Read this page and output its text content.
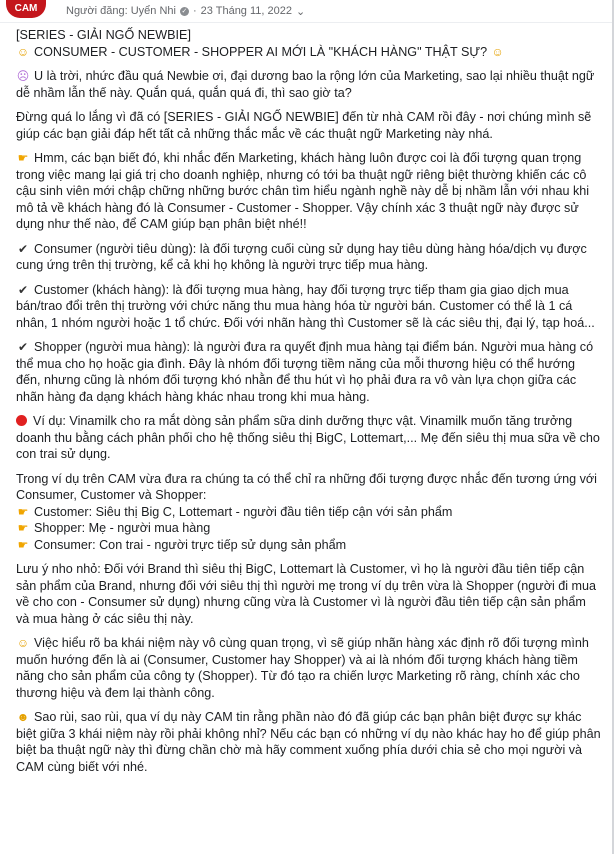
CAM	Người đăng: Uyển Nhi ✓ · 23 Tháng 11, 2022 ⌄

[SERIES - GIẢI NGỐ NEWBIE]

☺ CONSUMER - CUSTOMER - SHOPPER AI MỚI LÀ "KHÁCH HÀNG" THẬT SỰ? ☺

☹ U là trời, nhức đầu quá Newbie ơi, đại dương bao la rộng lớn của Marketing, sao lại nhiều thuật ngữ dễ nhầm lẫn thế này. Quắn quá, quắn quá đi, thì sao giờ ta?

Đừng quá lo lắng vì đã có [SERIES - GIẢI NGỐ NEWBIE] đến từ nhà CAM rồi đây - nơi chúng mình sẽ giúp các bạn giải đáp hết tất cả những thắc mắc về các thuật ngữ Marketing này nhá.

☛ Hmm, các bạn biết đó, khi nhắc đến Marketing, khách hàng luôn được coi là đối tượng quan trọng trong việc mang lại giá trị cho doanh nghiệp, nhưng có tới ba thuật ngữ riêng biệt thường khiến các cô cậu sinh viên mới chập chững những bước chân tìm hiểu ngành nghề này dễ bị nhầm lẫn với nhau khi mô tả về khách hàng đó là Consumer - Customer - Shopper. Vậy chính xác 3 thuật ngữ này được sử dụng như thế nào, để CAM giúp bạn phân biệt nhé!!

✔ Consumer (người tiêu dùng): là đối tượng cuối cùng sử dụng hay tiêu dùng hàng hóa/dịch vụ được cung ứng trên thị trường, kể cả khi họ không là người trực tiếp mua hàng.

✔ Customer (khách hàng): là đối tượng mua hàng, hay đối tượng trực tiếp tham gia giao dịch mua bán/trao đổi trên thị trường với chức năng thu mua hàng hóa từ người bán. Customer có thể là 1 cá nhân, 1 nhóm người hoặc 1 tổ chức. Đối với nhãn hàng thì Customer sẽ là các siêu thị, đại lý, tạp hoá...

✔ Shopper (người mua hàng): là người đưa ra quyết định mua hàng tại điểm bán. Người mua hàng có thể mua cho họ hoặc gia đình. Đây là nhóm đối tượng tiềm năng của mỗi thương hiệu có thể hướng đến, nhưng cũng là nhóm đối tượng khó nhằn để thu hút vì họ phải đưa ra vô vàn lựa chọn giữa các nhãn hàng đa dạng khách hàng khác nhau trong khi mua hàng.

Ví dụ: Vinamilk cho ra mắt dòng sản phẩm sữa dinh dưỡng thực vật. Vinamilk muốn tăng trưởng doanh thu bằng cách phân phối cho hệ thống siêu thị BigC, Lottemart,... Mẹ đến siêu thị mua sữa về cho con trai sử dụng.

Trong ví dụ trên CAM vừa đưa ra chúng ta có thể chỉ ra những đối tượng được nhắc đến tương ứng với Consumer, Customer và Shopper:

☛ Customer: Siêu thị Big C, Lottemart - người đầu tiên tiếp cận với sản phẩm

☛ Shopper: Mẹ - người mua hàng

☛ Consumer: Con trai - người trực tiếp sử dụng sản phẩm

Lưu ý nho nhỏ: Đối với Brand thì siêu thị BigC, Lottemart là Customer, vì họ là người đầu tiên tiếp cận sản phẩm của Brand, nhưng đối với siêu thị thì người mẹ trong ví dụ trên vừa là Shopper (người đi mua về cho con - Consumer sử dụng) nhưng cũng vừa là Customer vì là người đầu tiên tiếp cận sản phẩm và mua hàng ở các siêu thị này.

☺ Việc hiểu rõ ba khái niệm này vô cùng quan trọng, vì sẽ giúp nhãn hàng xác định rõ đối tượng mình muốn hướng đến là ai (Consumer, Customer hay Shopper) và ai là nhóm đối tượng khách hàng tiềm năng cho sản phẩm của công ty (Shopper). Từ đó tạo ra chiến lược Marketing rõ ràng, chính xác cho thương hiệu và đem lại thành công.

☻ Sao rùi, sao rùi, qua ví dụ này CAM tin rằng phần nào đó đã giúp các bạn phân biệt được sự khác biệt giữa 3 khái niệm này rồi phải không nhỉ? Nếu các bạn có những ví dụ nào khác hay ho để giúp phân biệt ba thuật ngữ này thì đừng chần chờ mà hãy comment xuống phía dưới chia sẻ cho mọi người và CAM cùng biết với nhé.
